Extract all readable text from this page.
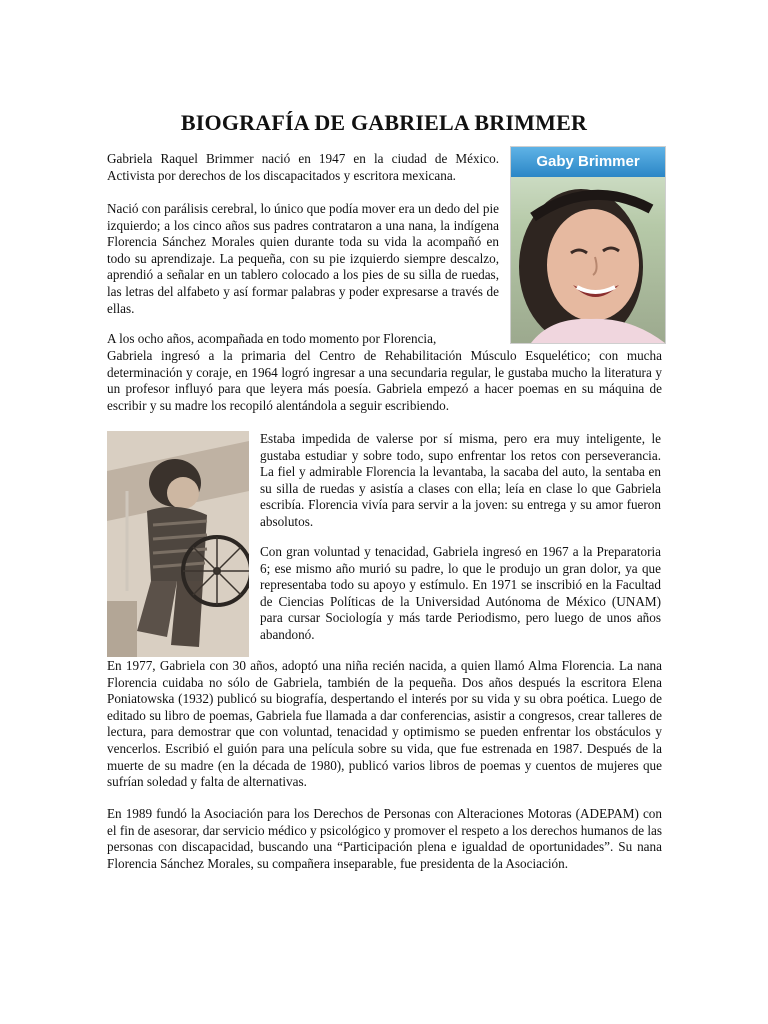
BIOGRAFÍA DE GABRIELA BRIMMER

Gabriela Raquel Brimmer nació en 1947 en la ciudad de México. Activista por derechos de los discapacitados y escritora mexicana.

Nació con parálisis cerebral, lo único que podía mover era un dedo del pie izquierdo; a los cinco años sus padres contrataron a una nana, la indígena Florencia Sánchez Morales quien durante toda su vida la acompañó en todo su aprendizaje. La pequeña, con su pie izquierdo siempre descalzo, aprendió a señalar en un tablero colocado a los pies de su silla de ruedas, las letras del alfabeto y así formar palabras y poder expresarse a través de ellas.

A los ocho años, acompañada en todo momento por Florencia,

Gabriela ingresó a la primaria del Centro de Rehabilitación Músculo Esquelético; con mucha determinación y coraje, en 1964 logró ingresar a una secundaria regular, le gustaba mucho la literatura y un profesor influyó para que leyera más poesía. Gabriela empezó a hacer poemas en su máquina de escribir y su madre los recopiló alentándola a seguir escribiendo.

Gaby Brimmer

Estaba impedida de valerse por sí misma, pero era muy inteligente, le gustaba estudiar y sobre todo, supo enfrentar los retos con perseverancia. La fiel y admirable Florencia la levantaba, la sacaba del auto, la sentaba en su silla de ruedas y asistía a clases con ella; leía en clase lo que Gabriela escribía. Florencia vivía para servir a la joven: su entrega y su amor fueron absolutos.

Con gran voluntad y tenacidad, Gabriela ingresó en 1967 a la Preparatoria 6; ese mismo año murió su padre, lo que le produjo un gran dolor, ya que representaba todo su apoyo y estímulo. En 1971 se inscribió en la Facultad de Ciencias Políticas de la Universidad Autónoma de México (UNAM) para cursar Sociología y más tarde Periodismo, pero luego de unos años abandonó.

En 1977, Gabriela con 30 años, adoptó una niña recién nacida, a quien llamó Alma Florencia. La nana Florencia cuidaba no sólo de Gabriela, también de la pequeña. Dos años después la escritora Elena Poniatowska (1932) publicó su biografía, despertando el interés por su vida y su obra poética. Luego de editado su libro de poemas, Gabriela fue llamada a dar conferencias, asistir a congresos, crear talleres de lectura, para demostrar que con voluntad, tenacidad y optimismo se pueden enfrentar los obstáculos y vencerlos. Escribió el guión para una película sobre su vida, que fue estrenada en 1987. Después de la muerte de su madre (en la década de 1980), publicó varios libros de poemas y cuentos de mujeres que sufrían soledad y falta de alternativas.

En 1989 fundó la Asociación para los Derechos de Personas con Alteraciones Motoras (ADEPAM) con el fin de asesorar, dar servicio médico y psicológico y promover el respeto a los derechos humanos de las personas con discapacidad, buscando una “Participación plena e igualdad de oportunidades”. Su nana Florencia Sánchez Morales, su compañera inseparable, fue presidenta de la Asociación.
